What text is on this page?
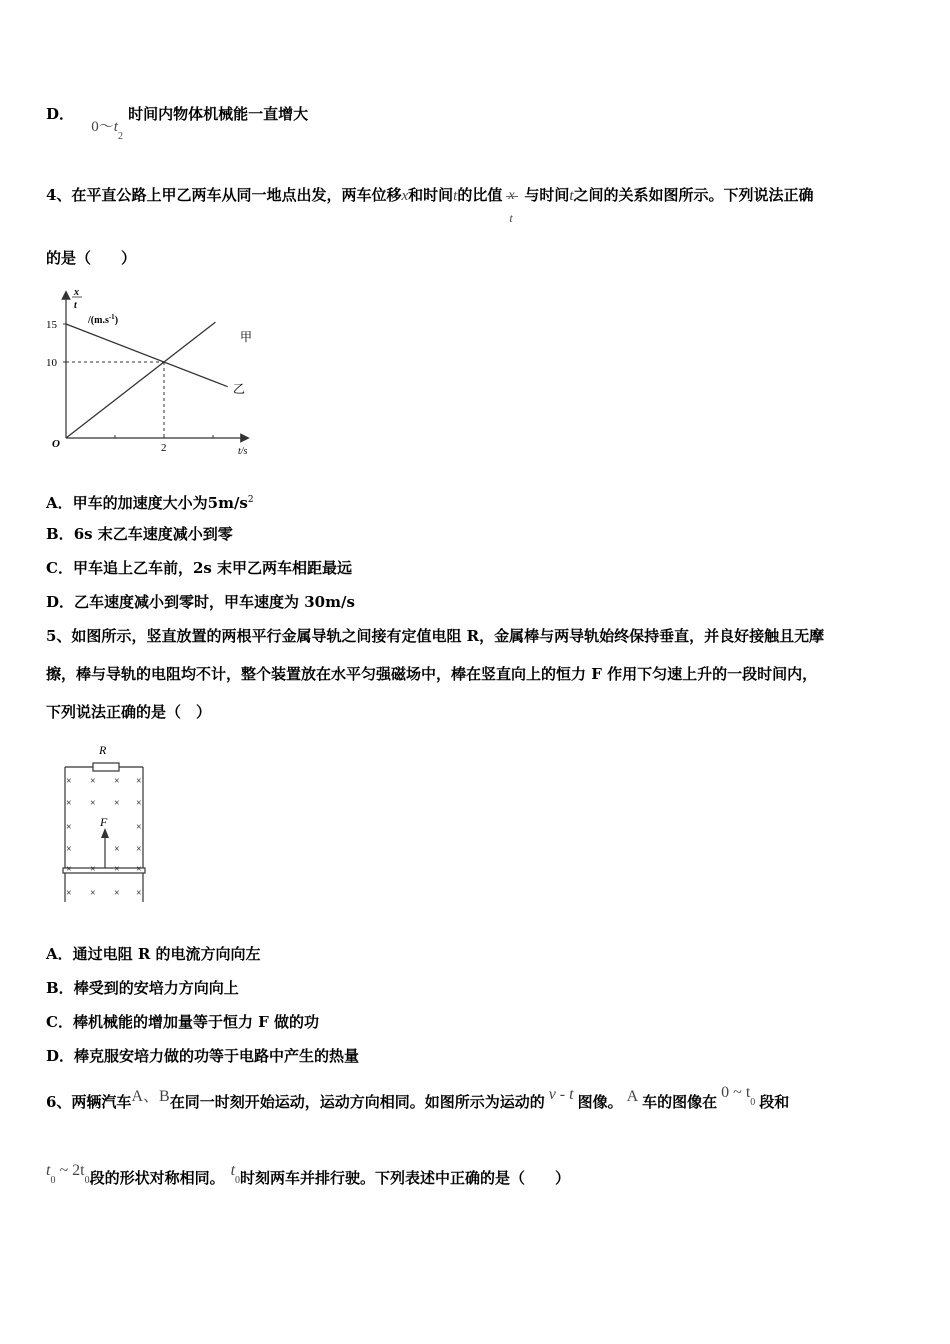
D． $0\sim t_2$ 时间内物体机械能一直增大
4、在平直公路上甲乙两车从同一地点出发，两车位移x和时间t的比值 x
t
与时间t之间的关系如图所示。下列说法正确
的是（　　）
x
t
$/(m.s^{-1})$
10
15
2
甲
乙
O
t/s
A．甲车的加速度大小为$5m/s^2$
B．6s 末乙车速度减小到零
C．甲车追上乙车前，2s 末甲乙两车相距最远
D．乙车速度减小到零时，甲车速度为 30m/s
5、如图所示，竖直放置的两根平行金属导轨之间接有定值电阻 R，金属棒与两导轨始终保持垂直，并良好接触且无摩
擦，棒与导轨的电阻均不计，整个装置放在水平匀强磁场中，棒在竖直向上的恒力 F 作用下匀速上升的一段时间内，
下列说法正确的是（　）
R
F
× × × ×
× × × ×
×	×
×	× ×
× × × ×
× × × ×
A．通过电阻 R 的电流方向向左
B．棒受到的安培力方向向上
C．棒机械能的增加量等于恒力 F 做的功
D．棒克服安培力做的功等于电路中产生的热量
6、两辆汽车A、B在同一时刻开始运动，运动方向相同。如图所示为运动的 v - t 图像。 A 车的图像在0 ~ $t_0$ 段和
$t_0$ ~ $2t_0$段的形状对称相同。 $t_0$时刻两车并排行驶。下列表述中正确的是（　　）
